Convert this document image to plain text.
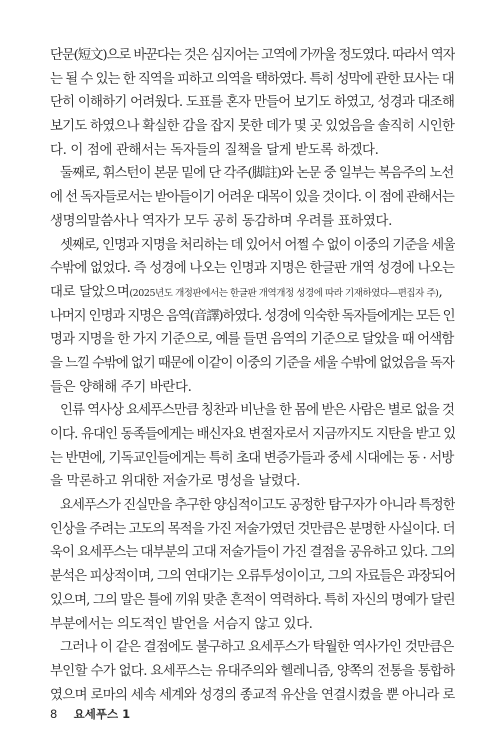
단문(短文)으로 바꾼다는 것은 심지어는 고역에 가까울 정도였다. 따라서 역자
는 될 수 있는 한 직역을 피하고 의역을 택하였다. 특히 성막에 관한 묘사는 대
단히 이해하기 어려웠다. 도표를 혼자 만들어 보기도 하였고, 성경과 대조해
보기도 하였으나 확실한 감을 잡지 못한 데가 몇 곳 있었음을 솔직히 시인한
다. 이 점에 관해서는 독자들의 질책을 달게 받도록 하겠다.
둘째로, 휘스턴이 본문 밑에 단 각주(脚註)와 논문 중 일부는 복음주의 노선
에 선 독자들로서는 받아들이기 어려운 대목이 있을 것이다. 이 점에 관해서는
생명의말씀사나 역자가 모두 공히 동감하며 우려를 표하였다.
셋째로, 인명과 지명을 처리하는 데 있어서 어쩔 수 없이 이중의 기준을 세울
수밖에 없었다. 즉 성경에 나오는 인명과 지명은 한글판 개역 성경에 나오는
대로 달았으며(2025년도 개정판에서는 한글판 개역개정 성경에 따라 기재하였다—편집자 주),
나머지 인명과 지명은 음역(音譯)하였다. 성경에 익숙한 독자들에게는 모든 인
명과 지명을 한 가지 기준으로, 예를 들면 음역의 기준으로 달았을 때 어색함
을 느낄 수밖에 없기 때문에 이같이 이중의 기준을 세울 수밖에 없었음을 독자
들은 양해해 주기 바란다.
인류 역사상 요세푸스만큼 칭찬과 비난을 한 몸에 받은 사람은 별로 없을 것
이다. 유대인 동족들에게는 배신자요 변절자로서 지금까지도 지탄을 받고 있
는 반면에, 기독교인들에게는 특히 초대 변증가들과 중세 시대에는 동 · 서방
을 막론하고 위대한 저술가로 명성을 날렸다.
요세푸스가 진실만을 추구한 양심적이고도 공정한 탐구자가 아니라 특정한
인상을 주려는 고도의 목적을 가진 저술가였던 것만큼은 분명한 사실이다. 더
욱이 요세푸스는 대부분의 고대 저술가들이 가진 결점을 공유하고 있다. 그의
분석은 피상적이며, 그의 연대기는 오류투성이이고, 그의 자료들은 과장되어
있으며, 그의 말은 틀에 끼워 맞춘 흔적이 역력하다. 특히 자신의 명예가 달린
부분에서는 의도적인 발언을 서슴지 않고 있다.
그러나 이 같은 결점에도 불구하고 요세푸스가 탁월한 역사가인 것만큼은
부인할 수가 없다. 요세푸스는 유대주의와 헬레니즘, 양쪽의 전통을 통합하
였으며 로마의 세속 세계와 성경의 종교적 유산을 연결시켰을 뿐 아니라 로
8 요세푸스 1
